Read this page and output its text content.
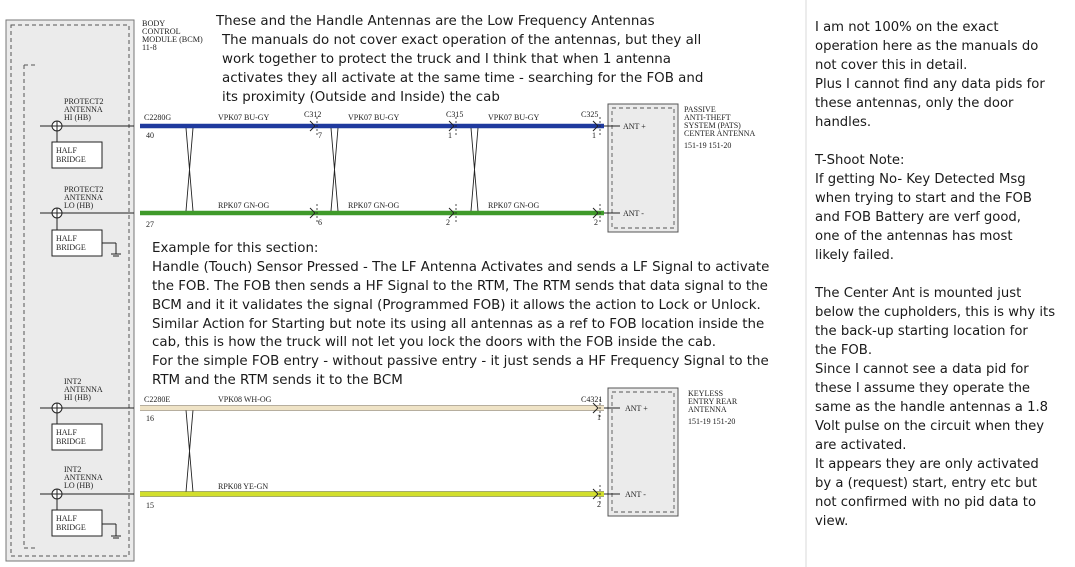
BODY
CONTROL
MODULE (BCM)
11-8
PROTECT2
ANTENNA
HI (HB)
HALF
BRIDGE
PROTECT2
ANTENNA
LO (HB)
HALF
BRIDGE
INT2
ANTENNA
HI (HB)
HALF
BRIDGE
INT2
ANTENNA
LO (HB)
HALF
BRIDGE
C2280G
40
VPK07 BU-GY	VPK07 BU-GY	VPK07 BU-GY
27
RPK07 GN-OG	RPK07 GN-OG	RPK07 GN-OG
C312
7
6
C315
1
2
C325
1
2
ANT +
ANT -
PASSIVE
ANTI-THEFT
SYSTEM (PATS)
CENTER ANTENNA
151-19 151-20
C2280E
16
VPK08 WH-OG	C4321
1
15
RPK08 YE-GN
2
ANT +
ANT -
KEYLESS
ENTRY REAR
ANTENNA
151-19 151-20
These and the Handle Antennas are the Low Frequency Antennas
The manuals do not cover exact operation of the antennas, but they all
work together to protect the truck and I think that when 1 antenna
activates they all activate at the same time - searching for the FOB and
its proximity (Outside and Inside) the cab
Example for this section:
Handle (Touch) Sensor Pressed - The LF Antenna Activates and sends a LF Signal to activate
the FOB. The FOB then sends a HF Signal to the RTM, The RTM sends that data signal to the
BCM and it it validates the signal (Programmed FOB) it allows the action to Lock or Unlock.
Similar Action for Starting but note its using all antennas as a ref to FOB location inside the
cab, this is how the truck will not let you lock the doors with the FOB inside the cab.
For the simple FOB entry - without passive entry - it just sends a HF Frequency Signal to the
RTM and the RTM sends it to the BCM
I am not 100% on the exact
operation here as the manuals do
not cover this in detail.
Plus I cannot find any data pids for
these antennas, only the door
handles.
T-Shoot Note:
If getting No- Key Detected Msg
when trying to start and the FOB
and FOB Battery are verf good,
one of the antennas has most
likely failed.
The Center Ant is mounted just
below the cupholders, this is why its
the back-up starting location for
the FOB.
Since I cannot see a data pid for
these I assume they operate the
same as the handle antennas a 1.8
Volt pulse on the circuit when they
are activated.
It appears they are only activated
by a (request) start, entry etc but
not confirmed with no pid data to
view.
